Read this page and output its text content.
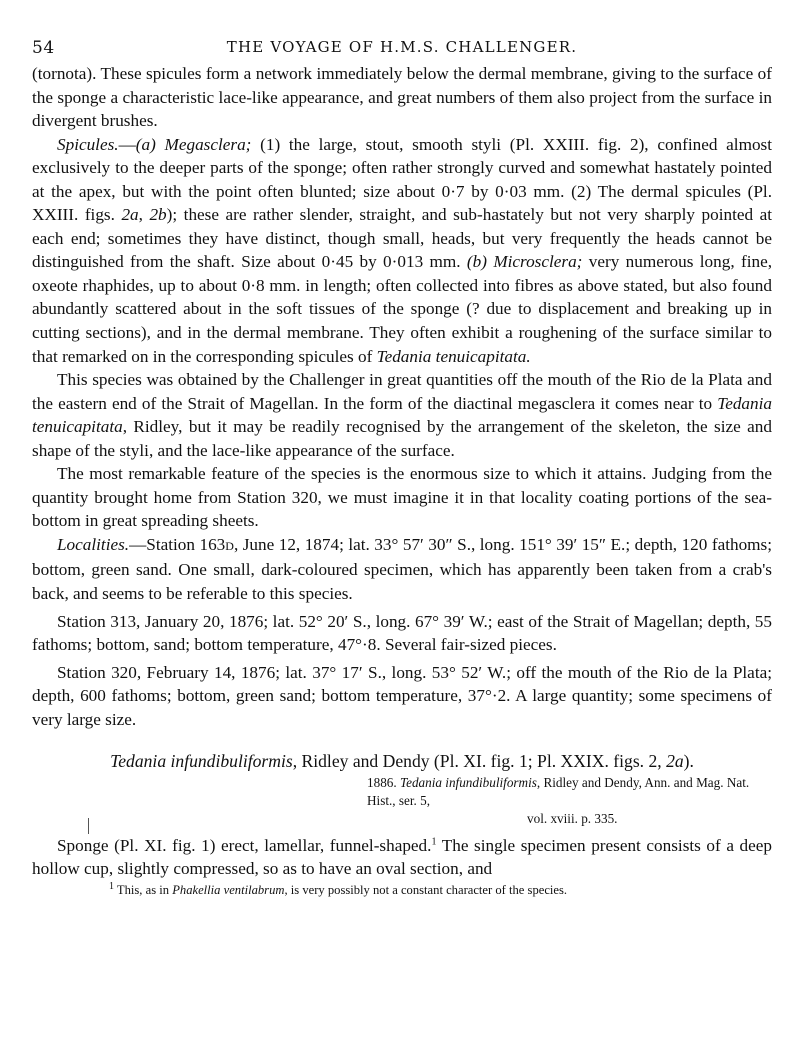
54	THE VOYAGE OF H.M.S. CHALLENGER.

(tornota). These spicules form a network immediately below the dermal membrane, giving to the surface of the sponge a characteristic lace-like appearance, and great numbers of them also project from the surface in divergent brushes.

Spicules.—(a) Megasclera; (1) the large, stout, smooth styli (Pl. XXIII. fig. 2), confined almost exclusively to the deeper parts of the sponge; often rather strongly curved and somewhat hastately pointed at the apex, but with the point often blunted; size about 0·7 by 0·03 mm. (2) The dermal spicules (Pl. XXIII. figs. 2a, 2b); these are rather slender, straight, and sub-hastately but not very sharply pointed at each end; sometimes they have distinct, though small, heads, but very frequently the heads cannot be distinguished from the shaft. Size about 0·45 by 0·013 mm. (b) Microsclera; very numerous long, fine, oxeote rhaphides, up to about 0·8 mm. in length; often collected into fibres as above stated, but also found abundantly scattered about in the soft tissues of the sponge (? due to displacement and breaking up in cutting sections), and in the dermal membrane. They often exhibit a roughening of the surface similar to that remarked on in the corresponding spicules of Tedania tenuicapitata.

This species was obtained by the Challenger in great quantities off the mouth of the Rio de la Plata and the eastern end of the Strait of Magellan. In the form of the diactinal megasclera it comes near to Tedania tenuicapitata, Ridley, but it may be readily recognised by the arrangement of the skeleton, the size and shape of the styli, and the lace-like appearance of the surface.

The most remarkable feature of the species is the enormous size to which it attains. Judging from the quantity brought home from Station 320, we must imagine it in that locality coating portions of the sea-bottom in great spreading sheets.

Localities.—Station 163D, June 12, 1874; lat. 33° 57′ 30″ S., long. 151° 39′ 15″ E.; depth, 120 fathoms; bottom, green sand. One small, dark-coloured specimen, which has apparently been taken from a crab's back, and seems to be referable to this species.

Station 313, January 20, 1876; lat. 52° 20′ S., long. 67° 39′ W.; east of the Strait of Magellan; depth, 55 fathoms; bottom, sand; bottom temperature, 47°·8. Several fair-sized pieces.

Station 320, February 14, 1876; lat. 37° 17′ S., long. 53° 52′ W.; off the mouth of the Rio de la Plata; depth, 600 fathoms; bottom, green sand; bottom temperature, 37°·2. A large quantity; some specimens of very large size.

Tedania infundibuliformis, Ridley and Dendy (Pl. XI. fig. 1; Pl. XXIX. figs. 2, 2a).

1886. Tedania infundibuliformis, Ridley and Dendy, Ann. and Mag. Nat. Hist., ser. 5,
vol. xviii. p. 335.

Sponge (Pl. XI. fig. 1) erect, lamellar, funnel-shaped.$^1$ The single specimen present consists of a deep hollow cup, slightly compressed, so as to have an oval section, and

$^1$ This, as in Phakellia ventilabrum, is very possibly not a constant character of the species.
